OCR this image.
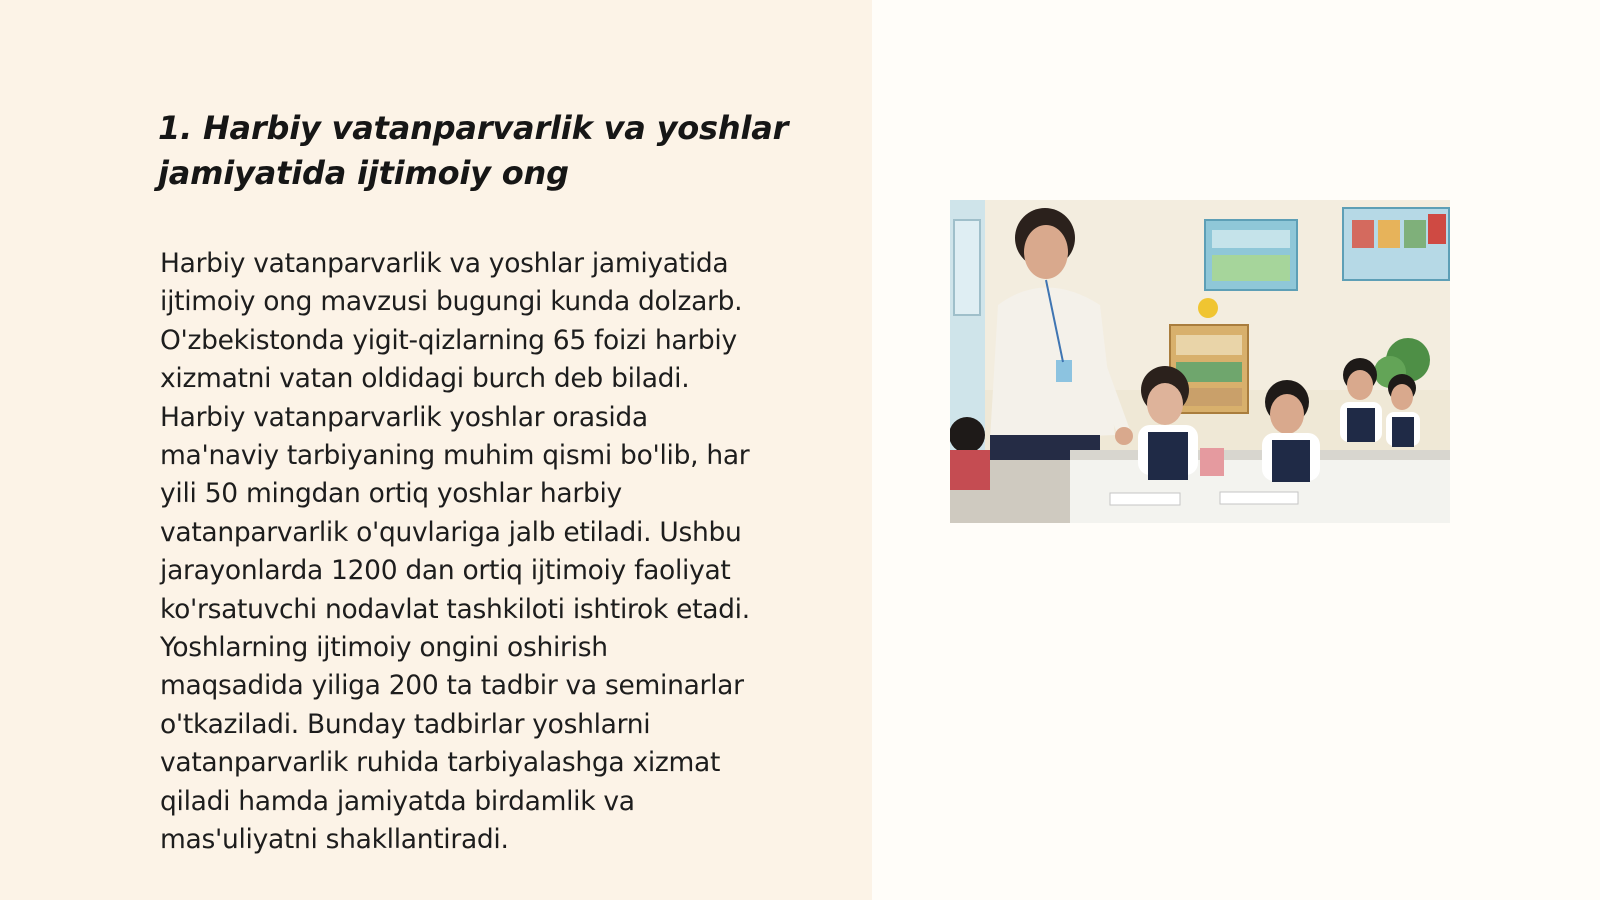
1. Harbiy vatanparvarlik va yoshlar jamiyatida ijtimoiy ong

Harbiy vatanparvarlik va yoshlar jamiyatida
ijtimoiy ong mavzusi bugungi kunda dolzarb.
O'zbekistonda yigit-qizlarning 65 foizi harbiy
xizmatni vatan oldidagi burch deb biladi.
Harbiy vatanparvarlik yoshlar orasida
ma'naviy tarbiyaning muhim qismi bo'lib, har
yili 50 mingdan ortiq yoshlar harbiy
vatanparvarlik o'quvlariga jalb etiladi. Ushbu
jarayonlarda 1200 dan ortiq ijtimoiy faoliyat
ko'rsatuvchi nodavlat tashkiloti ishtirok etadi.
Yoshlarning ijtimoiy ongini oshirish
maqsadida yiliga 200 ta tadbir va seminarlar
o'tkaziladi. Bunday tadbirlar yoshlarni
vatanparvarlik ruhida tarbiyalashga xizmat
qiladi hamda jamiyatda birdamlik va
mas'uliyatni shakllantiradi.
